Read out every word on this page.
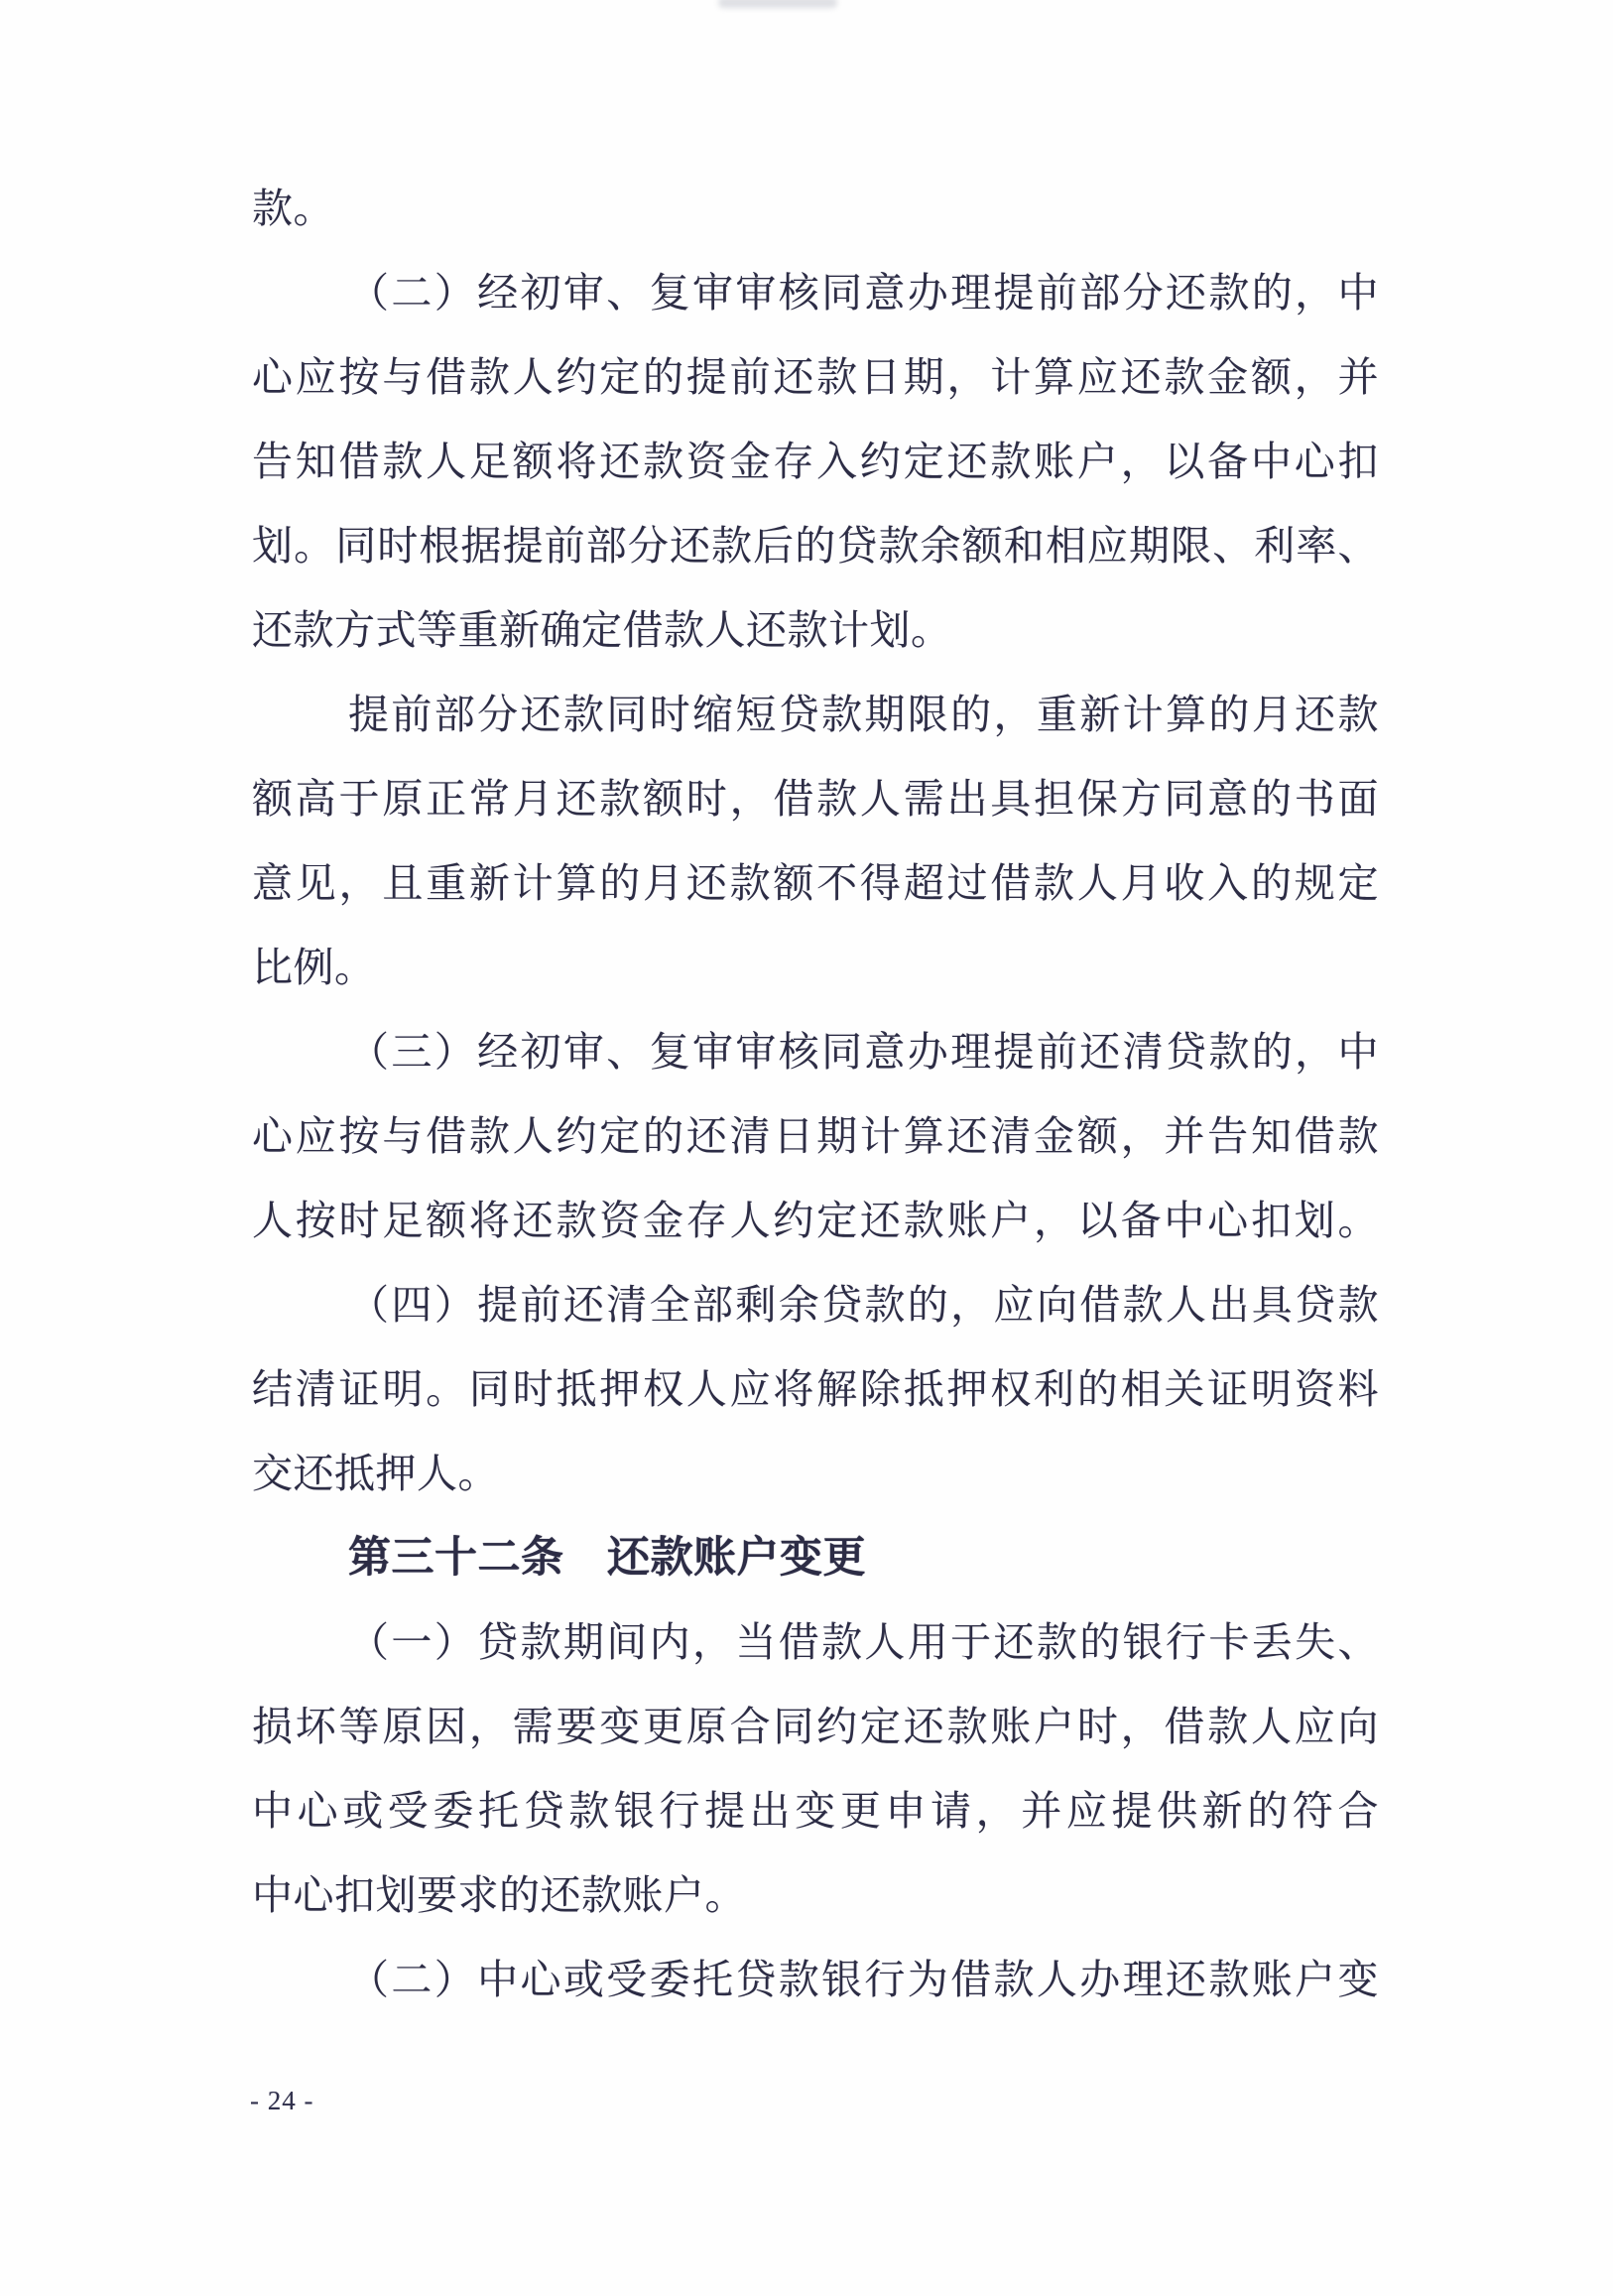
款。
（二）经初审、复审审核同意办理提前部分还款的，中
心应按与借款人约定的提前还款日期，计算应还款金额，并
告知借款人足额将还款资金存入约定还款账户，以备中心扣
划。同时根据提前部分还款后的贷款余额和相应期限、利率、
还款方式等重新确定借款人还款计划。
提前部分还款同时缩短贷款期限的，重新计算的月还款
额高于原正常月还款额时，借款人需出具担保方同意的书面
意见，且重新计算的月还款额不得超过借款人月收入的规定
比例。
（三）经初审、复审审核同意办理提前还清贷款的，中
心应按与借款人约定的还清日期计算还清金额，并告知借款
人按时足额将还款资金存人约定还款账户，以备中心扣划。
（四）提前还清全部剩余贷款的，应向借款人出具贷款
结清证明。同时抵押权人应将解除抵押权利的相关证明资料
交还抵押人。
第三十二条　还款账户变更
（一）贷款期间内，当借款人用于还款的银行卡丢失、
损坏等原因，需要变更原合同约定还款账户时，借款人应向
中心或受委托贷款银行提出变更申请，并应提供新的符合
中心扣划要求的还款账户。
（二）中心或受委托贷款银行为借款人办理还款账户变
- 24 -
